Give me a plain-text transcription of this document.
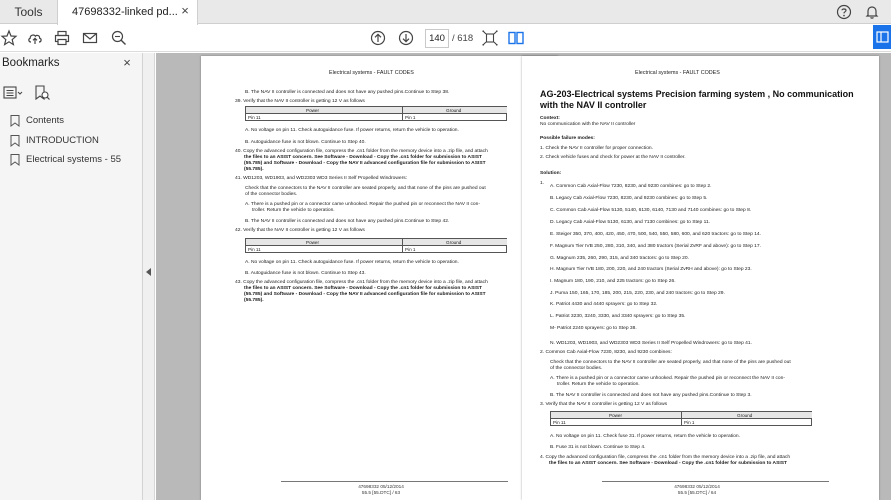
Tools	47698332-linked pd... ×
140 / 618
Bookmarks	×
Contents
INTRODUCTION
Electrical systems - 55
Electrical systems - FAULT CODES
B. The NAV II controller is connected and does not have any pushed pins.Continue to Step 38.
39. Verify that the NAV II controller is getting 12 V as follows
Power	Ground
Pin 11	Pin 1
A. No voltage on pin 11. Check autoguidance fuse. If power returns, return the vehicle to operation.
B. Autoguidance fuse is not blown. Continue to Step 40.
40. Copy the advanced configuration file, compress the .cn1 folder from the memory device into a .zip file, and attach
the files to an ASIST concern. See Software - Download - Copy the .cn1 folder for submission to ASIST
(55.785) and Software - Download - Copy the NAV II advanced configuration file for submission to ASIST
(55.785).
41. WD1203, WD1903, and WD2303 WD3 Series II Self Propelled Windrowers:
Check that the connectors to the NAV II controller are seated properly, and that none of the pins are pushed out
of the connector bodies.
A. There is a pushed pin or a connector came unhooked. Repair the pushed pin or reconnect the NAV II con-
troller. Return the vehicle to operation.
B. The NAV II controller is connected and does not have any pushed pins.Continue to Step 42.
42. Verify that the NAV II controller is getting 12 V as follows
Power	Ground
Pin 11	Pin 1
A. No voltage on pin 11. Check autoguidance fuse. If power returns, return the vehicle to operation.
B. Autoguidance fuse is not blown. Continue to Step 43.
43. Copy the advanced configuration file, compress the .cn1 folder from the memory device into a .zip file, and attach
the files to an ASIST concern. See Software - Download - Copy the .cn1 folder for submission to ASIST
(55.785) and Software - Download - Copy the NAV II advanced configuration file for submission to ASIST
(55.785).
47698332 05/12/2014
55.5 [55.DTC] / 63
Electrical systems - FAULT CODES
AG-203-Electrical systems Precision farming system , No communication with the NAV II controller
Context:
No communication with the NAV II controller
Possible failure modes:
1. Check the NAV II controller for proper connection.
2. Check vehicle fuses and check for power at the NAV II controller.
Solution:
1.
A. Common Cab Axial-Flow 7230, 8230, and 9230 combines: go to Step 2.
B. Legacy Cab Axial-Flow 7230, 8230, and 9230 combines: go to Step 5.
C. Common Cab Axial-Flow 5130, 5140, 6130, 6140, 7130 and 7140 combines: go to Step 8.
D. Legacy Cab Axial-Flow 5130, 6130, and 7130 combines: go to Step 11.
E. Steiger 350, 370, 400, 420, 450, 470, 500, 540, 550, 580, 600, and 620 tractors: go to Step 14.
F. Magnum Tier IVB 250, 280, 310, 340, and 380 tractors (Serial ZvRF and above): go to Step 17.
G. Magnum 235, 260, 290, 315, and 340 tractors: go to Step 20.
H. Magnum Tier IVB 180, 200, 220, and 240 tractors (Serial ZvRH and above): go to Step 23.
I. Magnum 180, 190, 210, and 225 tractors: go to Step 26.
J. Puma 150, 165, 170, 185, 200, 215, 220, 230, and 240 tractors: go to Step 29.
K. Patriot 4430 and 4440 sprayers: go to Step 32.
L. Patriot 3230, 3240, 3330, and 3340 sprayers: go to Step 35.
M- Patriot 2240 sprayers: go to Step 38.
N. WD1203, WD1903, and WD2303 WD3 Series II Self Propelled Windrowers: go to Step 41.
2. Common Cab Axial-Flow 7230, 8230, and 9230 combines:
Check that the connectors to the NAV II controller are seated properly, and that none of the pins are pushed out
of the connector bodies.
A. There is a pushed pin or a connector came unhooked. Repair the pushed pin or reconnect the NAV II con-
troller. Return the vehicle to operation.
B. The NAV II controller is connected and does not have any pushed pins.Continue to Step 3.
3. Verify that the NAV II controller is getting 12 V as follows
Power	Ground
Pin 11	Pin 1
A. No voltage on pin 11. Check fuse 31. If power returns, return the vehicle to operation.
B. Fuse 31 is not blown. Continue to Step 4.
4. Copy the advanced configuration file, compress the .cn1 folder from the memory device into a .zip file, and attach
the files to an ASIST concern. See Software - Download - Copy the .cn1 folder for submission to ASIST
47698332 05/12/2014
55.5 [55.DTC] / 64
